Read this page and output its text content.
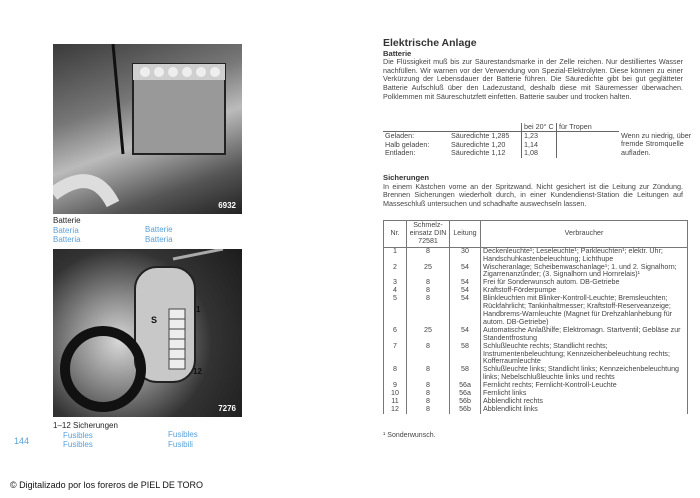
6932
Batterie
Batería
Batteria
Batterie
Batteria
S
1
12
7276
1–12 Sicherungen
Fusibles
Fusibles
Fusibles
Fusibili
144
Elektrische Anlage
Batterie
Die Flüssigkeit muß bis zur Säurestandsmarke in der Zelle reichen. Nur destilliertes Wasser nachfüllen. Wir warnen vor der Verwendung von Spezial-Elektrolyten. Diese können zu einer Verkürzung der Lebensdauer der Batterie führen. Die Säuredichte gibt bei gut geglätteter Batterie Aufschluß über den Ladezustand, deshalb diese mit Säuremesser überwachen. Polklemmen mit Säureschutzfett einfetten. Batterie sauber und trocken halten.
		bei 20° C	für Tropen	
Geladen:	Säuredichte 1,285	1,23		Wenn zu niedrig, über fremde Stromquelle aufladen.
Halb geladen:	Säuredichte 1,20	1,14		
Entladen:	Säuredichte 1,12	1,08		
Sicherungen
In einem Kästchen vorne an der Spritzwand. Nicht gesichert ist die Leitung zur Zündung. Brennen Sicherungen wiederholt durch, in einer Kundendienst-Station die Leitungen auf Masseschluß untersuchen und schadhafte auswechseln lassen.
Nr.	Schmelz-einsatz DIN 72581	Leitung	Verbraucher
1	8	30	Deckenleuchte¹; Leseleuchte¹; Parkleuchten¹; elektr. Uhr; Handschuhkastenbeleuchtung; Lichthupe
2	25	54	Wischeranlage; Scheibenwaschanlage¹; 1. und 2. Signalhorn; Zigarrenanzünder; (3. Signalhorn und Hornrelais)¹
3	8	54	Frei für Sonderwunsch autom. DB-Getriebe
4	8	54	Kraftstoff-Förderpumpe
5	8	54	Blinkleuchten mit Blinker-Kontroll-Leuchte; Bremsleuchten; Rückfahrlicht; Tankinhaltmesser; Kraftstoff-Reserveanzeige; Handbrems-Warnleuchte (Magnet für Drehzahlanhebung für autom. DB-Getriebe)
6	25	54	Automatische Anlaßhilfe; Elektromagn. Startventil; Gebläse zur Standentfrostung
7	8	58	Schlußleuchte rechts; Standlicht rechts; Instrumentenbeleuchtung; Kennzeichenbeleuchtung rechts; Kofferraumleuchte
8	8	58	Schlußleuchte links; Standlicht links; Kennzeichenbeleuchtung links; Nebelschlußleuchte links und rechts
9	8	56a	Fernlicht rechts; Fernlicht-Kontroll-Leuchte
10	8	56a	Fernlicht links
11	8	56b	Abblendlicht rechts
12	8	56b	Abblendlicht links
¹ Sonderwunsch.
© Digitalizado por los foreros de PIEL DE TORO
